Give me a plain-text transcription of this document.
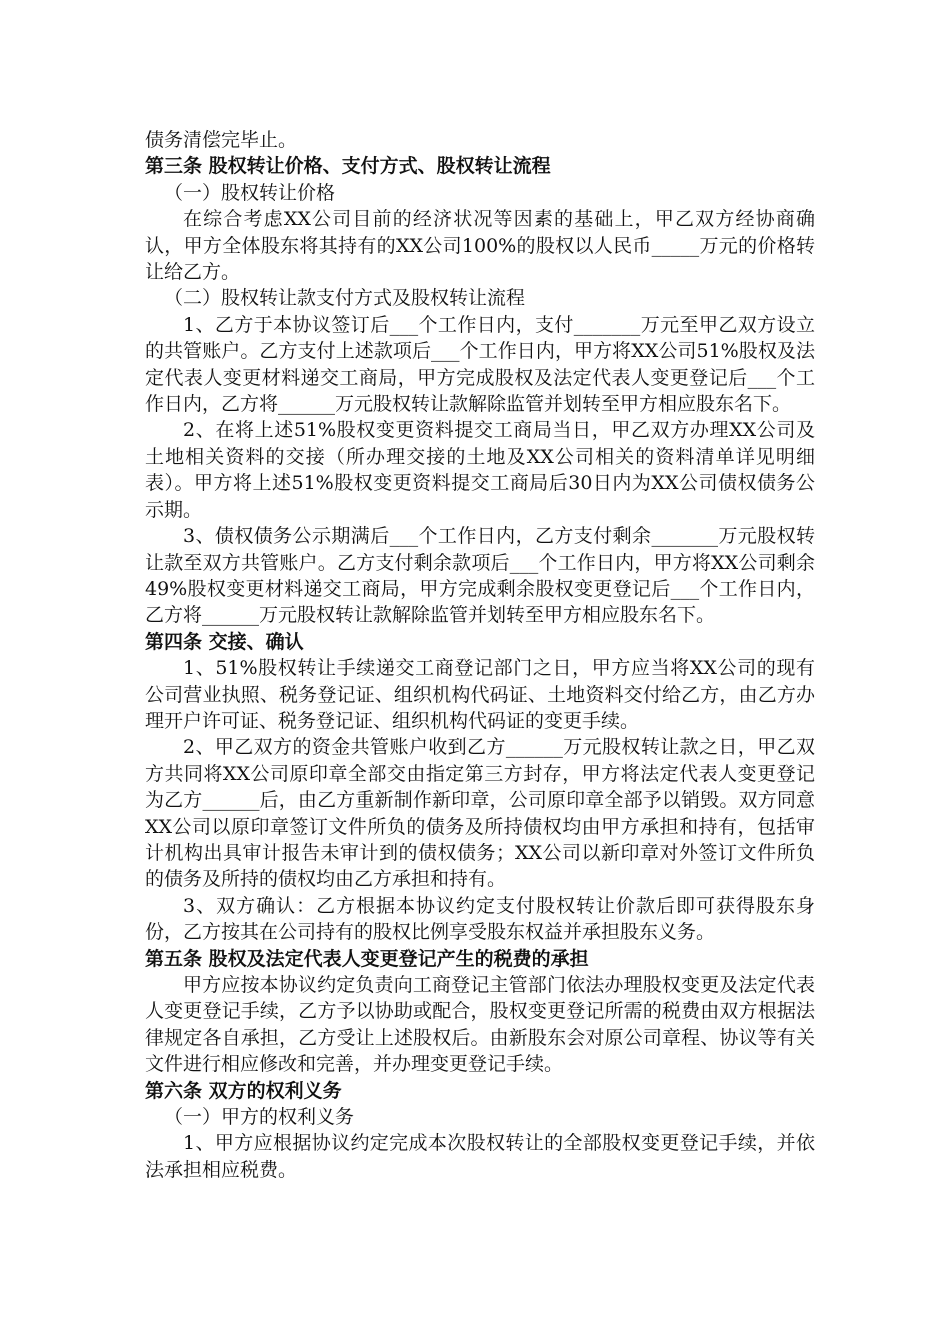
债务清偿完毕止。

第三条 股权转让价格、支付方式、股权转让流程

（一）股权转让价格

在综合考虑XX公司目前的经济状况等因素的基础上，甲乙双方经协商确认，甲方全体股东将其持有的XX公司100%的股权以人民币_____万元的价格转让给乙方。

（二）股权转让款支付方式及股权转让流程

1、乙方于本协议签订后___个工作日内，支付_______万元至甲乙双方设立的共管账户。乙方支付上述款项后___个工作日内，甲方将XX公司51%股权及法定代表人变更材料递交工商局，甲方完成股权及法定代表人变更登记后___个工作日内，乙方将______万元股权转让款解除监管并划转至甲方相应股东名下。

2、在将上述51%股权变更资料提交工商局当日，甲乙双方办理XX公司及土地相关资料的交接（所办理交接的土地及XX公司相关的资料清单详见明细表）。甲方将上述51%股权变更资料提交工商局后30日内为XX公司债权债务公示期。

3、债权债务公示期满后___个工作日内，乙方支付剩余_______万元股权转让款至双方共管账户。乙方支付剩余款项后___个工作日内，甲方将XX公司剩余49%股权变更材料递交工商局，甲方完成剩余股权变更登记后___个工作日内，乙方将______万元股权转让款解除监管并划转至甲方相应股东名下。

第四条 交接、确认

1、51%股权转让手续递交工商登记部门之日，甲方应当将XX公司的现有公司营业执照、税务登记证、组织机构代码证、土地资料交付给乙方，由乙方办理开户许可证、税务登记证、组织机构代码证的变更手续。

2、甲乙双方的资金共管账户收到乙方______万元股权转让款之日，甲乙双方共同将XX公司原印章全部交由指定第三方封存，甲方将法定代表人变更登记为乙方______后，由乙方重新制作新印章，公司原印章全部予以销毁。双方同意XX公司以原印章签订文件所负的债务及所持债权均由甲方承担和持有，包括审计机构出具审计报告未审计到的债权债务；XX公司以新印章对外签订文件所负的债务及所持的债权均由乙方承担和持有。

3、双方确认：乙方根据本协议约定支付股权转让价款后即可获得股东身份，乙方按其在公司持有的股权比例享受股东权益并承担股东义务。

第五条 股权及法定代表人变更登记产生的税费的承担

甲方应按本协议约定负责向工商登记主管部门依法办理股权变更及法定代表人变更登记手续，乙方予以协助或配合，股权变更登记所需的税费由双方根据法律规定各自承担，乙方受让上述股权后。由新股东会对原公司章程、协议等有关文件进行相应修改和完善，并办理变更登记手续。

第六条 双方的权利义务

（一）甲方的权利义务

1、甲方应根据协议约定完成本次股权转让的全部股权变更登记手续，并依法承担相应税费。
